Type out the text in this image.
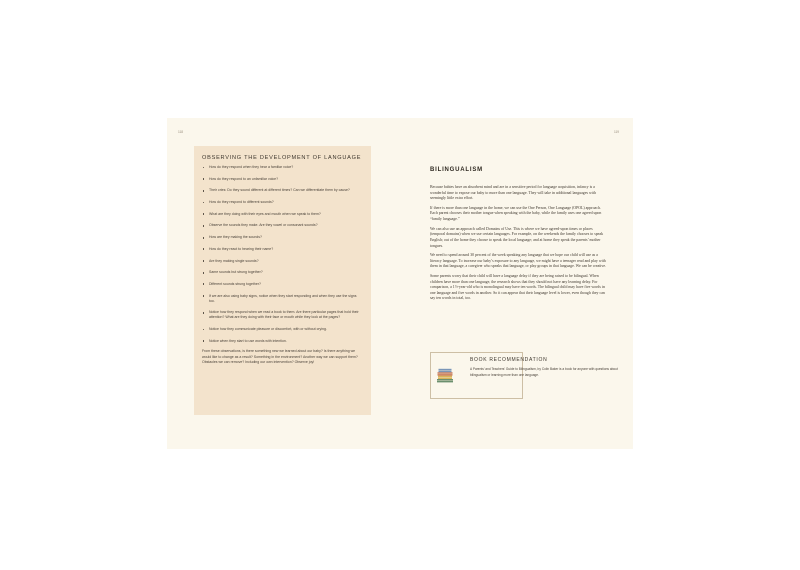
118	119
OBSERVING THE DEVELOPMENT OF LANGUAGE
How do they respond when they hear a familiar voice?
How do they respond to an unfamiliar voice?
Their cries: Do they sound different at different times? Can we differentiate them by cause?
How do they respond to different sounds?
What are they doing with their eyes and mouth when we speak to them?
Observe the sounds they make. Are they vowel or consonant sounds?
How are they making the sounds?
How do they react to hearing their name?
Are they making single sounds?
Same sounds but strung together?
Different sounds strung together?
If we are also using baby signs, notice when they start responding and when they use the signs too.
Notice how they respond when we read a book to them. Are there particular pages that hold their attention? What are they doing with their face or mouth while they look at the pages?
Notice how they communicate pleasure or discomfort, with or without crying.
Notice when they start to use words with intention.
From these observations, is there something new we learned about our baby? Is there anything we would like to change as a result? Something in the environment? Another way we can support them? Obstacles we can remove? Including our own intervention? Observe joy!
BILINGUALISM

Because babies have an absorbent mind and are in a sensitive period for language acquisition, infancy is a wonderful time to expose our baby to more than one language. They will take in additional languages with seemingly little extra effort.

If there is more than one language in the home, we can use the One Person, One Language (OPOL) approach. Each parent chooses their mother tongue when speaking with the baby, while the family uses one agreed upon “family language.”

We can also use an approach called Domains of Use. This is where we have agreed-upon times or places (temporal domains) when we use certain languages. For example, on the weekends the family chooses to speak English; out of the home they choose to speak the local language; and at home they speak the parents’ mother tongues.

We need to spend around 30 percent of the week speaking any language that we hope our child will use as a literacy language. To increase our baby’s exposure to any language, we might have a teenager read and play with them in that language, a caregiver who speaks that language, or play groups in that language. We can be creative.

Some parents worry that their child will have a language delay if they are being raised to be bilingual. When children have more than one language, the research shows that they should not have any learning delay. For comparison, a 1½-year-old who is monolingual may have ten words. The bilingual child may have five words in one language and five words in another. So it can appear that their language level is lower, even though they can say ten words in total, too.

BOOK RECOMMENDATION
A Parents’ and Teachers’ Guide to Bilingualism, by Colin Baker is a book for anyone with questions about bilingualism or learning more than one language.
